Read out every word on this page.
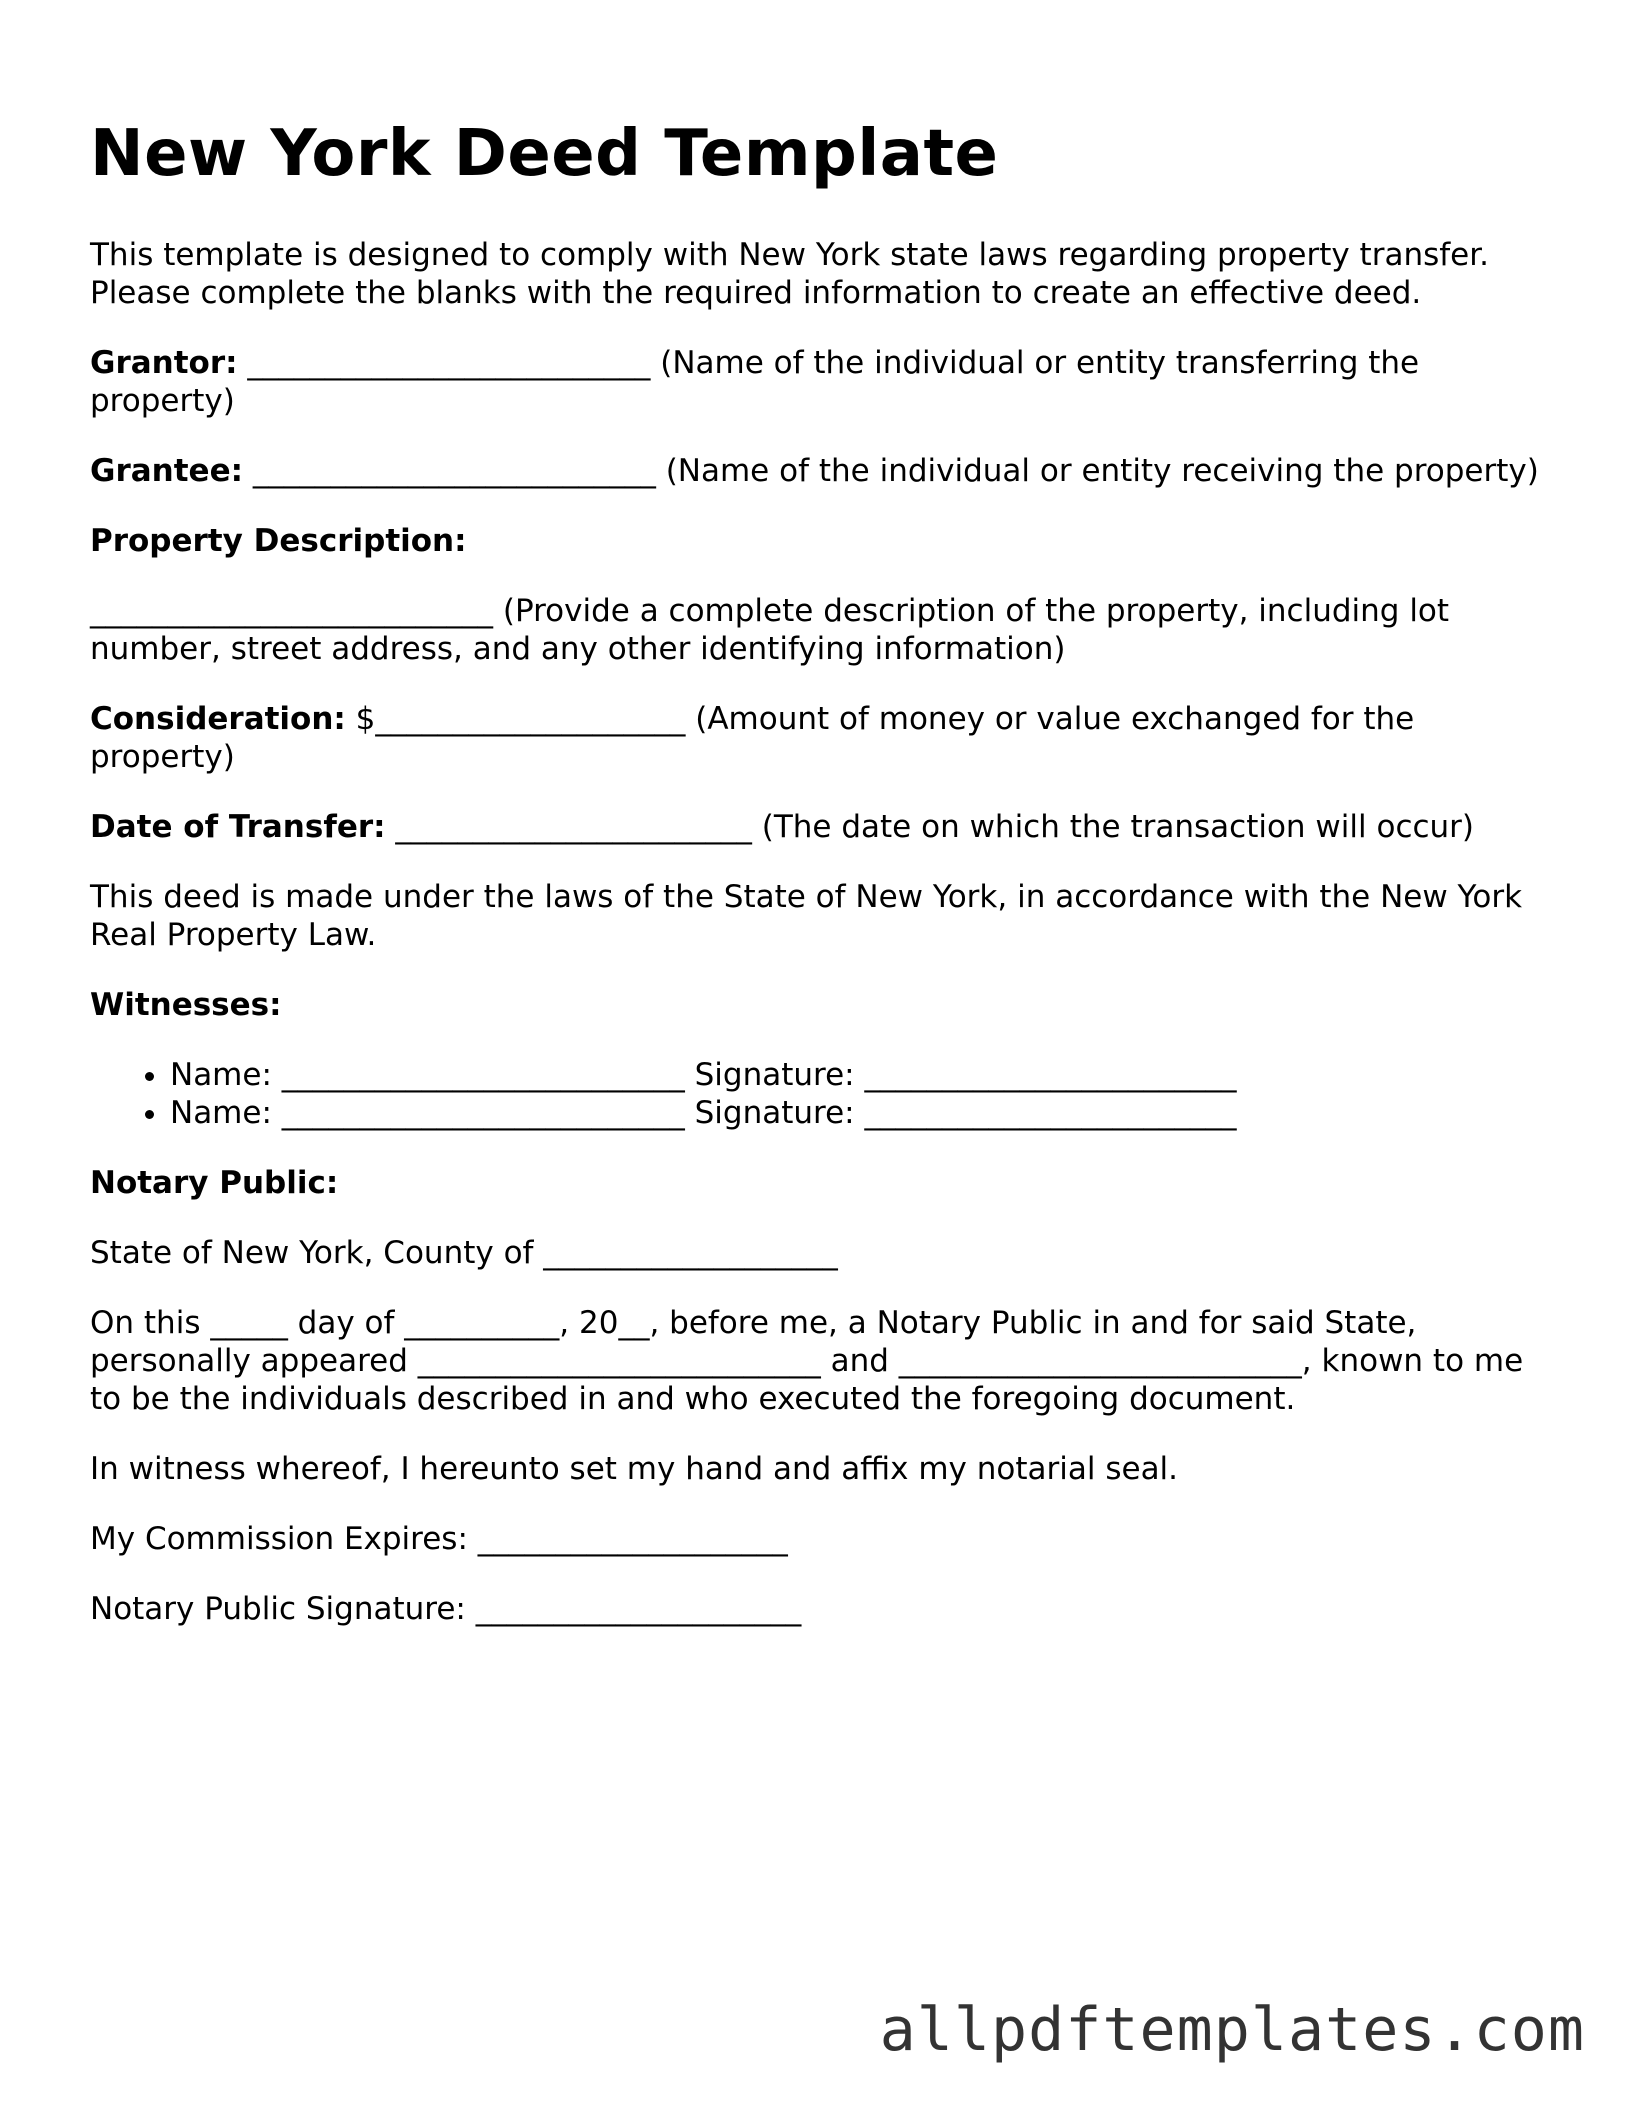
New York Deed Template

This template is designed to comply with New York state laws regarding property transfer. Please complete the blanks with the required information to create an effective deed.

Grantor: __________________________ (Name of the individual or entity transferring the property)

Grantee: __________________________ (Name of the individual or entity receiving the property)

Property Description:

__________________________ (Provide a complete description of the property, including lot number, street address, and any other identifying information)

Consideration: $____________________ (Amount of money or value exchanged for the property)

Date of Transfer: _______________________ (The date on which the transaction will occur)

This deed is made under the laws of the State of New York, in accordance with the New York Real Property Law.

Witnesses:

• Name: __________________________ Signature: ________________________
• Name: __________________________ Signature: ________________________

Notary Public:

State of New York, County of ___________________

On this _____ day of __________, 20__, before me, a Notary Public in and for said State, personally appeared __________________________ and __________________________, known to me to be the individuals described in and who executed the foregoing document.

In witness whereof, I hereunto set my hand and affix my notarial seal.

My Commission Expires: ____________________

Notary Public Signature: _____________________

allpdftemplates.com
